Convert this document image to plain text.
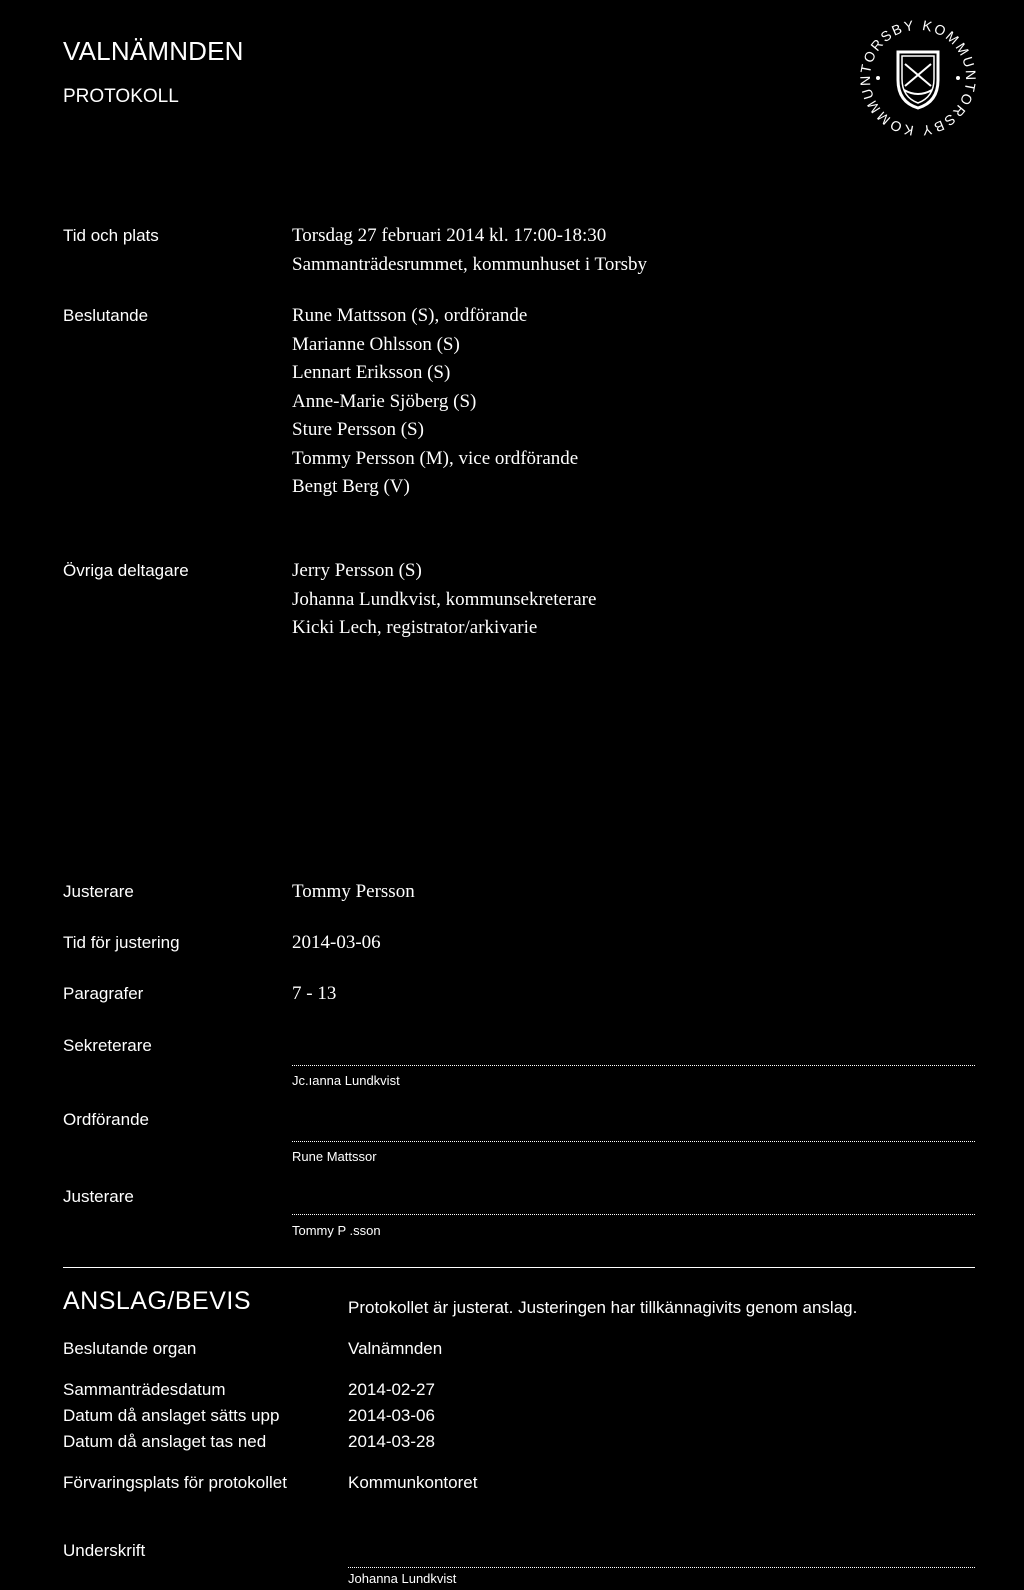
VALNÄMNDEN
PROTOKOLL
TORSBY KOMMUN
TORSBY KOMMUN
Tid och plats	Torsdag 27 februari 2014 kl. 17:00-18:30
Sammanträdesrummet, kommunhuset i Torsby
Beslutande	Rune Mattsson (S), ordförande
Marianne Ohlsson (S)
Lennart Eriksson (S)
Anne-Marie Sjöberg (S)
Sture Persson (S)
Tommy Persson (M), vice ordförande
Bengt Berg (V)
Övriga deltagare	Jerry Persson (S)
Johanna Lundkvist, kommunsekreterare
Kicki Lech, registrator/arkivarie
Justerare	Tommy Persson
Tid för justering	2014-03-06
Paragrafer	7 - 13
Sekreterare
Jc.ıanna Lundkvist
Ordförande
Rune Mattssor
Justerare
Tommy P .sson
ANSLAG/BEVIS	Protokollet är justerat. Justeringen har tillkännagivits genom anslag.
Beslutande organ	Valnämnden
Sammanträdesdatum	2014-02-27
Datum då anslaget sätts upp	2014-03-06
Datum då anslaget tas ned	2014-03-28
Förvaringsplats för protokollet	Kommunkontoret
Underskrift
Johanna Lundkvist
